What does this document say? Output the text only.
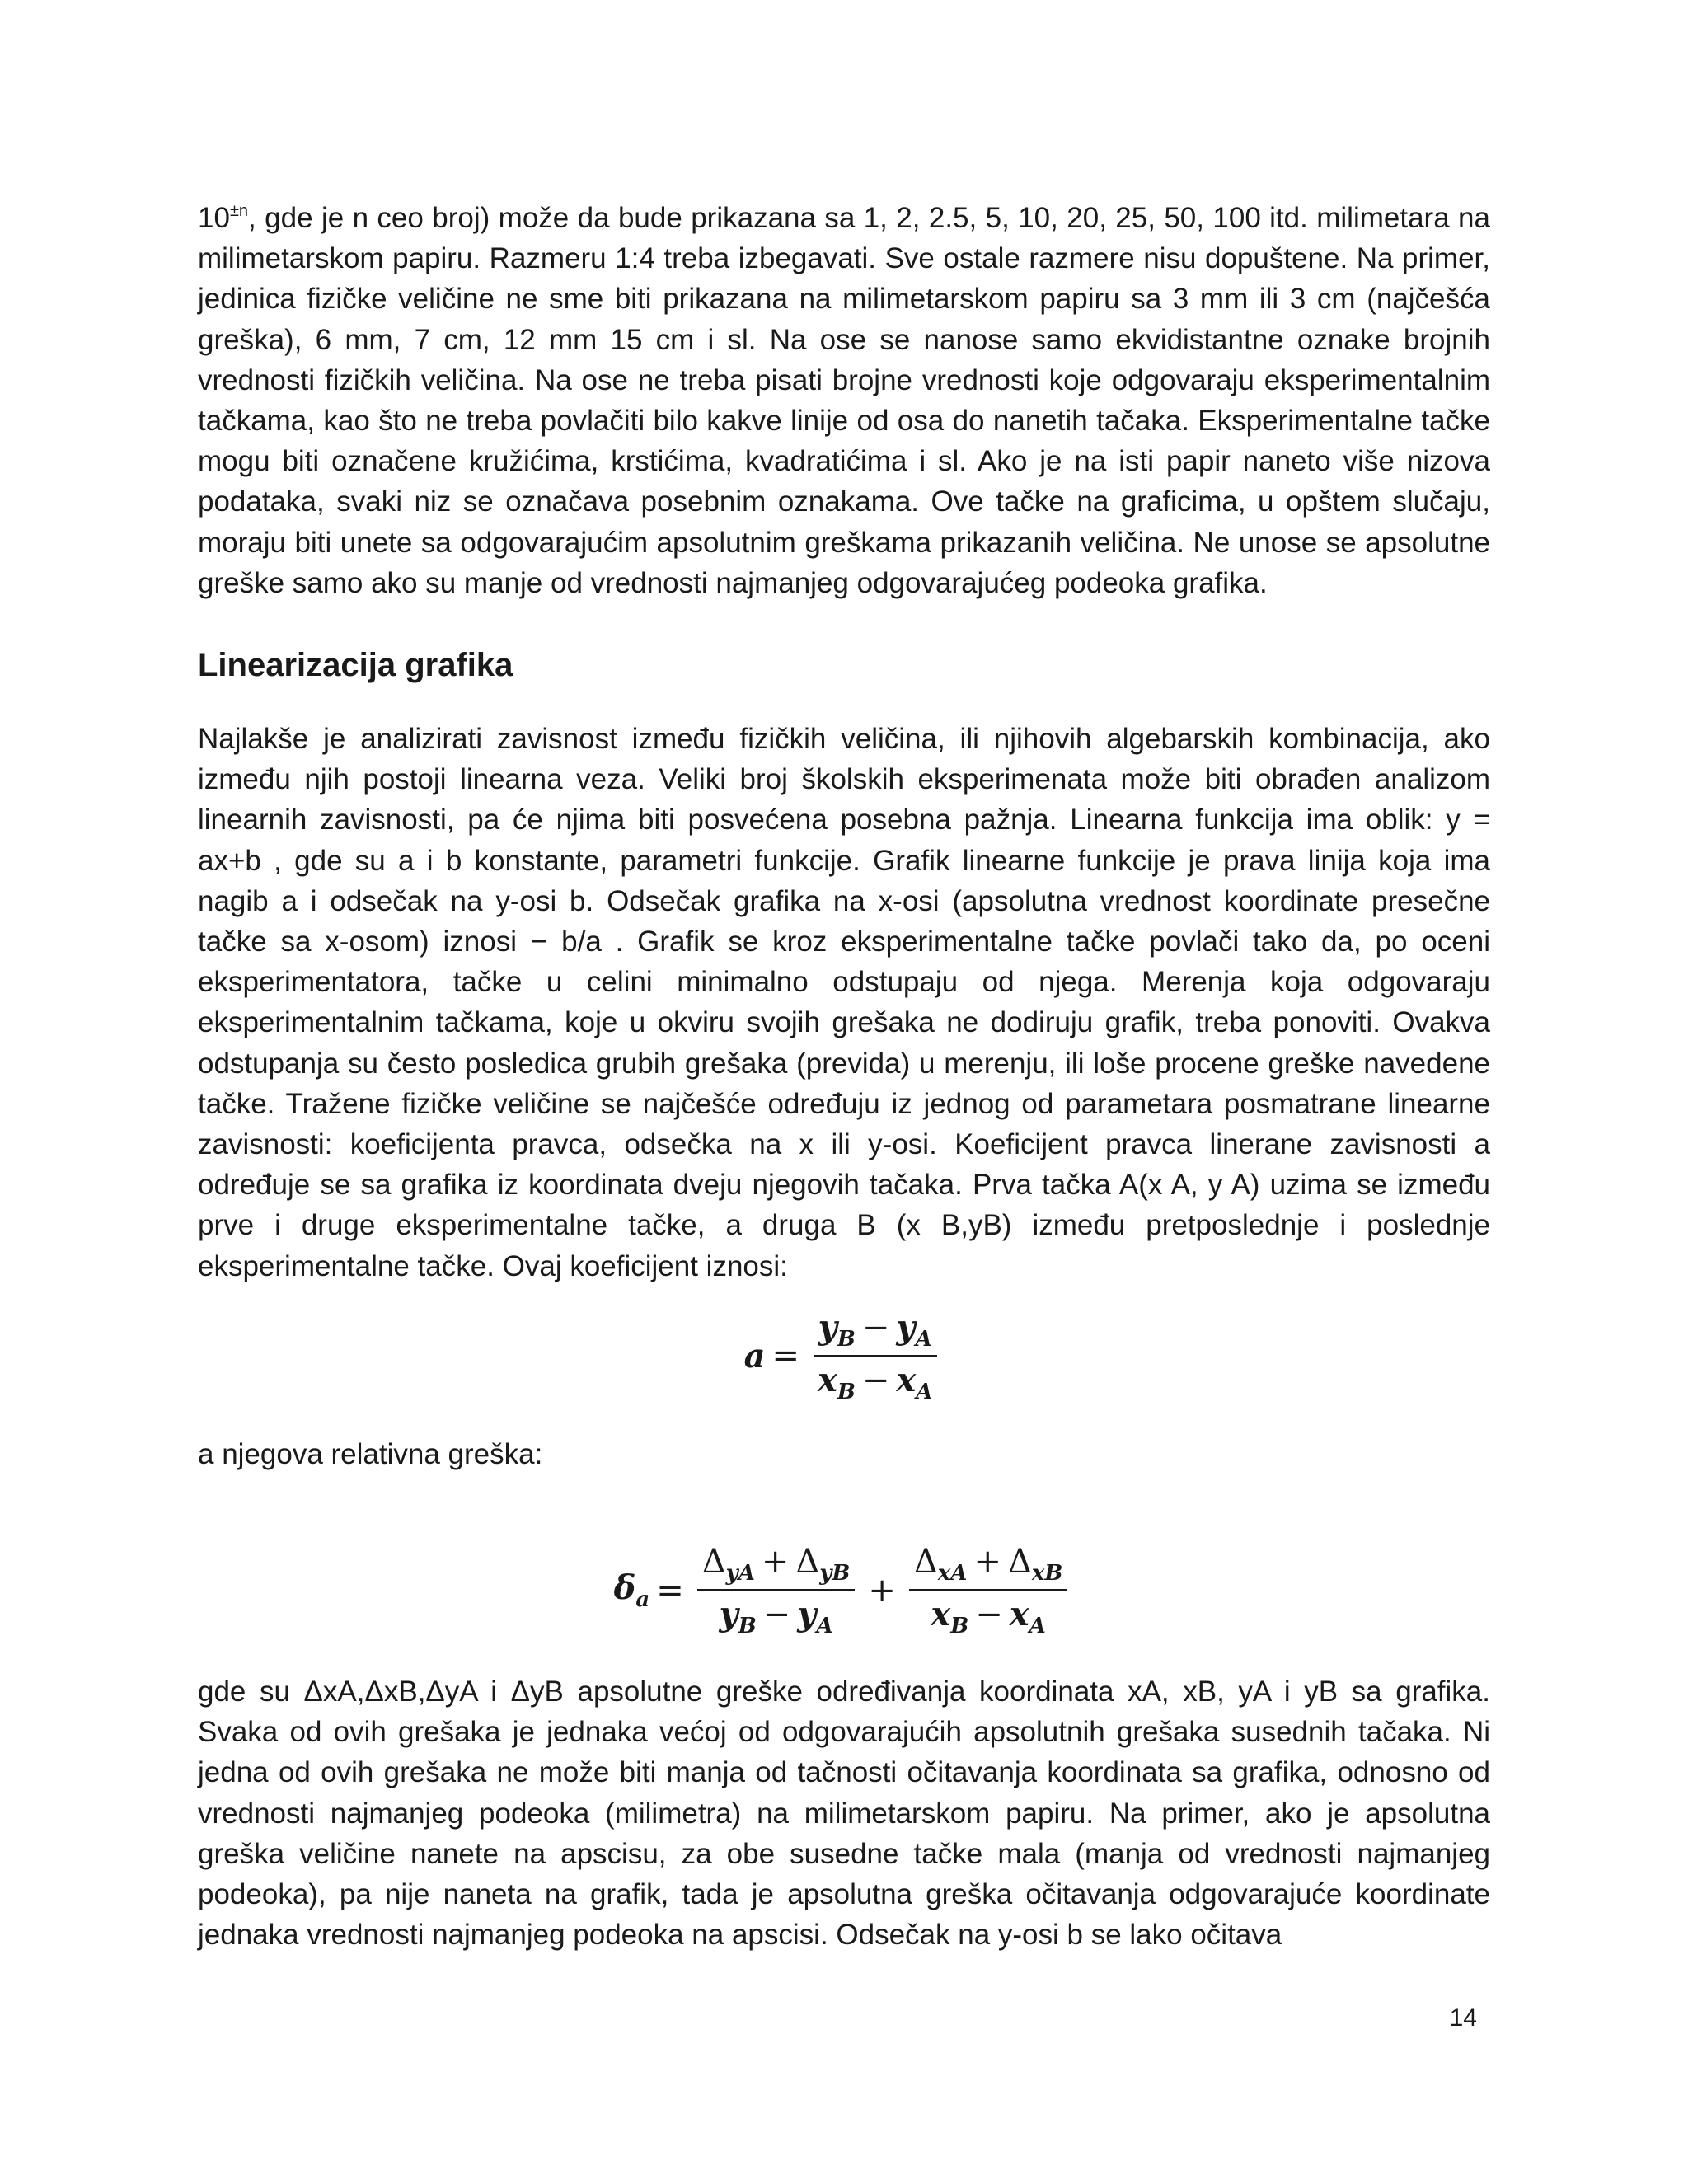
$10^{\pm n}$, gde je n ceo broj) može da bude prikazana sa 1, 2, 2.5, 5, 10, 20, 25, 50, 100 itd. milimetara na milimetarskom papiru. Razmeru 1:4 treba izbegavati. Sve ostale razmere nisu dopuštene. Na primer, jedinica fizičke veličine ne sme biti prikazana na milimetarskom papiru sa 3 mm ili 3 cm (najčešća greška), 6 mm, 7 cm, 12 mm 15 cm i sl. Na ose se nanose samo ekvidistantne oznake brojnih vrednosti fizičkih veličina. Na ose ne treba pisati brojne vrednosti koje odgovaraju eksperimentalnim tačkama, kao što ne treba povlačiti bilo kakve linije od osa do nanetih tačaka. Eksperimentalne tačke mogu biti označene kružićima, krstićima, kvadratićima i sl. Ako je na isti papir naneto više nizova podataka, svaki niz se označava posebnim oznakama. Ove tačke na graficima, u opštem slučaju, moraju biti unete sa odgovarajućim apsolutnim greškama prikazanih veličina. Ne unose se apsolutne greške samo ako su manje od vrednosti najmanjeg odgovarajućeg podeoka grafika.

Linearizacija grafika

Najlakše je analizirati zavisnost između fizičkih veličina, ili njihovih algebarskih kombinacija, ako između njih postoji linearna veza. Veliki broj školskih eksperimenata može biti obrađen analizom linearnih zavisnosti, pa će njima biti posvećena posebna pažnja. Linearna funkcija ima oblik: y = ax+b , gde su a i b konstante, parametri funkcije. Grafik linearne funkcije je prava linija koja ima nagib a i odsečak na y-osi b. Odsečak grafika na x-osi (apsolutna vrednost koordinate presečne tačke sa x-osom) iznosi − b/a . Grafik se kroz eksperimentalne tačke povlači tako da, po oceni eksperimentatora, tačke u celini minimalno odstupaju od njega. Merenja koja odgovaraju eksperimentalnim tačkama, koje u okviru svojih grešaka ne dodiruju grafik, treba ponoviti. Ovakva odstupanja su često posledica grubih grešaka (previda) u merenju, ili loše procene greške navedene tačke. Tražene fizičke veličine se najčešće određuju iz jednog od parametara posmatrane linearne zavisnosti: koeficijenta pravca, odsečka na x ili y-osi. Koeficijent pravca linerane zavisnosti a određuje se sa grafika iz koordinata dveju njegovih tačaka. Prva tačka A(x A, y A) uzima se između prve i druge eksperimentalne tačke, a druga B (x B,yB) između pretposlednje i poslednje eksperimentalne tačke. Ovaj koeficijent iznosi:

$a = \frac{y_B - y_A}{x_B - x_A}$

a njegova relativna greška:

$\delta_a = \frac{\Delta_{yA} + \Delta_{yB}}{y_B - y_A} + \frac{\Delta_{xA} + \Delta_{xB}}{x_B - x_A}$

gde su ΔxA,ΔxB,ΔyA i ΔyB apsolutne greške određivanja koordinata xA, xB, yA i yB sa grafika. Svaka od ovih grešaka je jednaka većoj od odgovarajućih apsolutnih grešaka susednih tačaka. Ni jedna od ovih grešaka ne može biti manja od tačnosti očitavanja koordinata sa grafika, odnosno od vrednosti najmanjeg podeoka (milimetra) na milimetarskom papiru. Na primer, ako je apsolutna greška veličine nanete na apscisu, za obe susedne tačke mala (manja od vrednosti najmanjeg podeoka), pa nije naneta na grafik, tada je apsolutna greška očitavanja odgovarajuće koordinate jednaka vrednosti najmanjeg podeoka na apscisi. Odsečak na y-osi b se lako očitava

14
